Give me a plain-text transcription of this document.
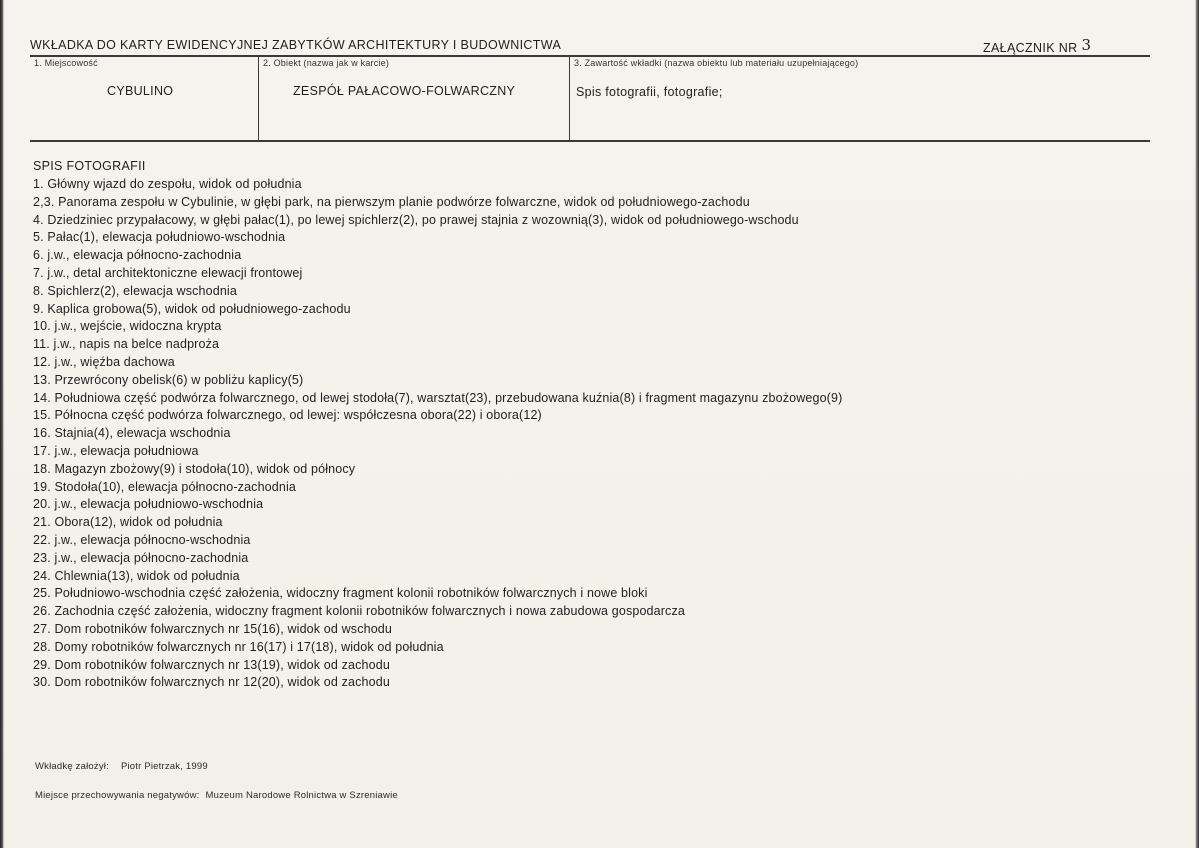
WKŁADKA DO KARTY EWIDENCYJNEJ ZABYTKÓW ARCHITEKTURY I BUDOWNICTWA	ZAŁĄCZNIK NR 3
1. Miejscowość	2. Obiekt (nazwa jak w karcie)	3. Zawartość wkładki (nazwa obiektu lub materiału uzupełniającego)
CYBULINO	ZESPÓŁ PAŁACOWO-FOLWARCZNY	Spis fotografii, fotografie;
SPIS FOTOGRAFII
1. Główny wjazd do zespołu, widok od południa
2,3. Panorama zespołu w Cybulinie, w głębi park, na pierwszym planie podwórze folwarczne, widok od południowego-zachodu
4. Dziedziniec przypałacowy, w głębi pałac(1), po lewej spichlerz(2), po prawej stajnia z wozownią(3), widok od południowego-wschodu
5. Pałac(1), elewacja południowo-wschodnia
6. j.w., elewacja północno-zachodnia
7. j.w., detal architektoniczne elewacji frontowej
8. Spichlerz(2), elewacja wschodnia
9. Kaplica grobowa(5), widok od południowego-zachodu
10. j.w., wejście, widoczna krypta
11. j.w., napis na belce nadproża
12. j.w., więźba dachowa
13. Przewrócony obelisk(6) w pobliżu kaplicy(5)
14. Południowa część podwórza folwarcznego, od lewej stodoła(7), warsztat(23), przebudowana kuźnia(8) i fragment magazynu zbożowego(9)
15. Północna część podwórza folwarcznego, od lewej: współczesna obora(22) i obora(12)
16. Stajnia(4), elewacja wschodnia
17. j.w., elewacja południowa
18. Magazyn zbożowy(9) i stodoła(10), widok od północy
19. Stodoła(10), elewacja północno-zachodnia
20. j.w., elewacja południowo-wschodnia
21. Obora(12), widok od południa
22. j.w., elewacja północno-wschodnia
23. j.w., elewacja północno-zachodnia
24. Chlewnia(13), widok od południa
25. Południowo-wschodnia część założenia, widoczny fragment kolonii robotników folwarcznych i nowe bloki
26. Zachodnia część założenia, widoczny fragment kolonii robotników folwarcznych i nowa zabudowa gospodarcza
27. Dom robotników folwarcznych nr 15(16), widok od wschodu
28. Domy robotników folwarcznych nr 16(17) i 17(18), widok od południa
29. Dom robotników folwarcznych nr 13(19), widok od zachodu
30. Dom robotników folwarcznych nr 12(20), widok od zachodu
Wkładkę założył: Piotr Pietrzak, 1999
Miejsce przechowywania negatywów: Muzeum Narodowe Rolnictwa w Szreniawie
